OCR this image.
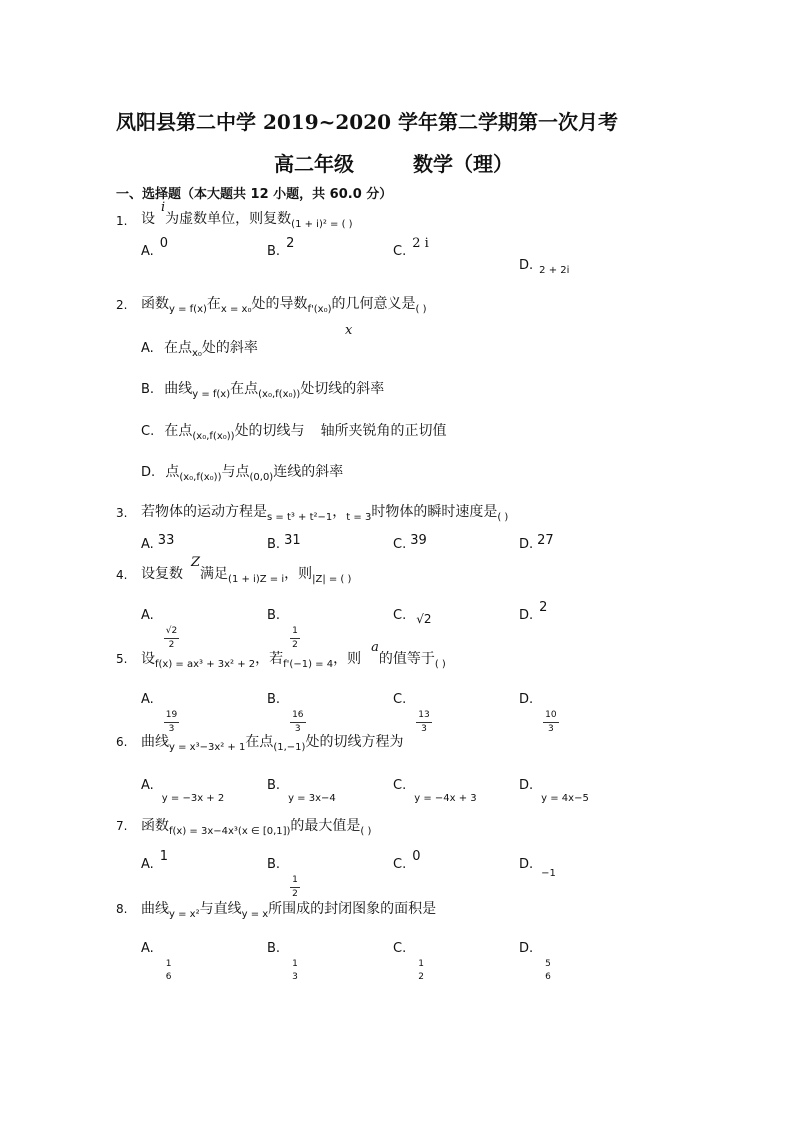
凤阳县第二中学 2019~2020 学年第二学期第一次月考
高二年级	数学（理）
一、选择题（本大题共 12 小题，共 60.0 分）
1. 设$^i$为虚数单位，则复数$_{(1 + i)^2 = ( )}$
A.$^0$
B.$^2$
C.$^{2 i}$
D. $_{2 + 2i}$
2. 函数$_{y = f(x)}$在$_{x = x_0}$处的导数$_{f'(x_0)}$的几何意义是$_{( )}$
x
A. 在点$_{x_0}$处的斜率
B. 曲线$_{y = f(x)}$在点$_{(x_0,f(x_0))}$处切线的斜率
C. 在点$_{(x_0,f(x_0))}$处的切线与 轴所夹锐角的正切值
D. 点$_{(x_0,f(x_0))}$与点$_{(0,0)}$连线的斜率
3. 若物体的运动方程是$_{s = t^3 + t^2-1}$，$_{t = 3}$时物体的瞬时速度是$_{( )}$
A. $^{33}$	B. $^{31}$	C. $^{39}$	D. $^{27}$
4. 设复数$^Z$满足$_{(1 + i)Z = i}$，则$_{|Z| = ( )}$
A.
$\frac{√2}{2}$
B.
$\frac{1}{2}$
C. $_{√2}$	D.$^2$
5. 设$_{f(x) = ax^3 + 3x^2 + 2}$，若$_{f'(-1) = 4}$，则$^a$的值等于$_{( )}$
A.
$\frac{19}{3}$
B.
$\frac{16}{3}$
C.
$\frac{13}{3}$
D.
$\frac{10}{3}$
6. 曲线$_{y = x^3-3x^2 + 1}$在点$_{(1,-1)}$处的切线方程为
$A._{y = -3x + 2}$
$B._{y = 3x-4}$
$C._{y = -4x + 3}$
$D._{y = 4x-5}$
7. 函数$_{f(x) = 3x-4x^3(x \in [0,1])}$的最大值是$_{( )}$
A.$^1$
B.
$\frac{1}{2}$
C.$^0$
$D._{-1}$
8. 曲线$_{y = x^2}$与直线$_{y = x}$所围成的封闭图象的面积是
A.
1
6
B.
1
3
C.
1
2
D.
5
6
